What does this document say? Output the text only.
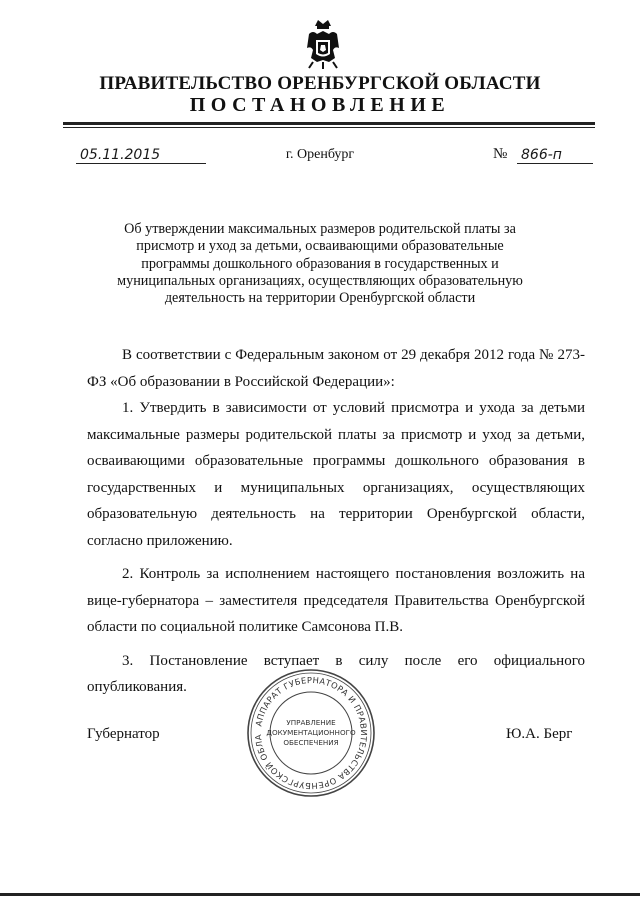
ПРАВИТЕЛЬСТВО ОРЕНБУРГСКОЙ ОБЛАСТИ
ПОСТАНОВЛЕНИЕ
05.11.2015	г. Оренбург	№ 866-п
Об утверждении максимальных размеров родительской платы за присмотр и уход за детьми, осваивающими образовательные программы дошкольного образования в государственных и муниципальных организациях, осуществляющих образовательную деятельность на территории Оренбургской области

В соответствии с Федеральным законом от 29 декабря 2012 года № 273-ФЗ «Об образовании в Российской Федерации»:

1. Утвердить в зависимости от условий присмотра и ухода за детьми максимальные размеры родительской платы за присмотр и уход за детьми, осваивающими образовательные программы дошкольного образования в государственных и муниципальных организациях, осуществляющих образовательную деятельность на территории Оренбургской области, согласно приложению.

2. Контроль за исполнением настоящего постановления возложить на вице-губернатора – заместителя председателя Правительства Оренбургской области по социальной политике Самсонова П.В.

3. Постановление вступает в силу после его официального опубликования.

Губернатор	Ю.А. Берг
АППАРАТ ГУБЕРНАТОРА И ПРАВИТЕЛЬСТВА ОРЕНБУРГСКОЙ ОБЛА
УПРАВЛЕНИЕ
ДОКУМЕНТАЦИОННОГО
ОБЕСПЕЧЕНИЯ
